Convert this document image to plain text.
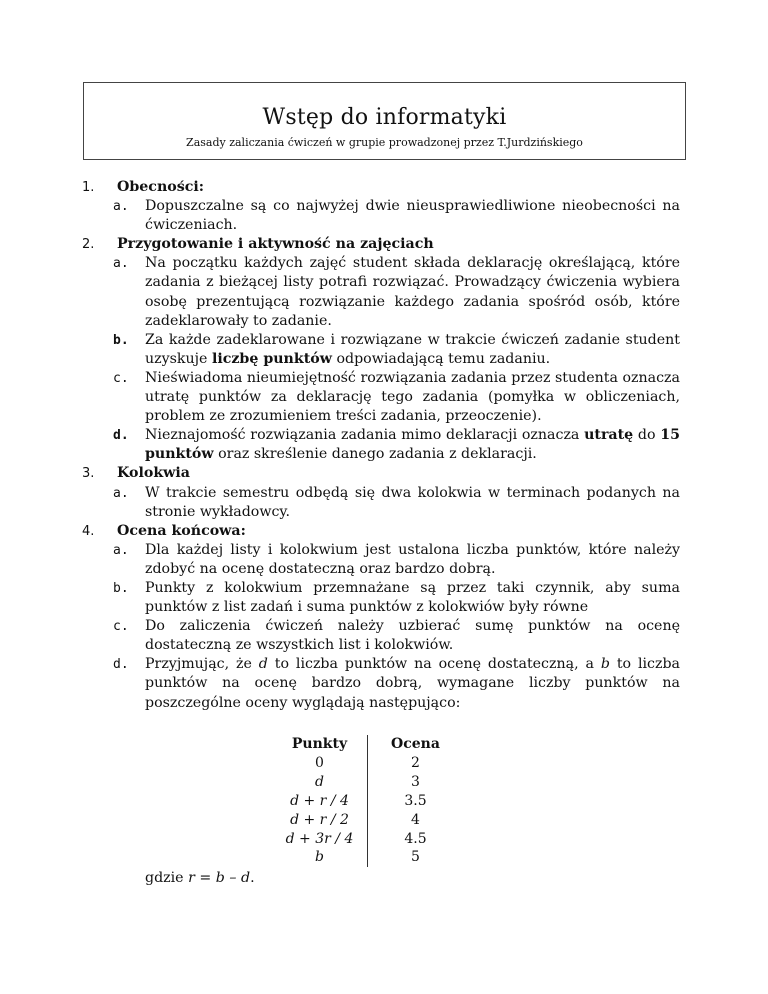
Wstęp do informatyki
Zasady zaliczania ćwiczeń w grupie prowadzonej przez T.Jurdzińskiego
1.	Obecności:
a.	Dopuszczalne są co najwyżej dwie nieusprawiedliwione nieobecności na ćwiczeniach.
2.	Przygotowanie i aktywność na zajęciach
a.	Na początku każdych zajęć student składa deklarację określającą, które zadania z bieżącej listy potrafi rozwiązać. Prowadzący ćwiczenia wybiera osobę prezentującą rozwiązanie każdego zadania spośród osób, które zadeklarowały to zadanie.
b.	Za każde zadeklarowane i rozwiązane w trakcie ćwiczeń zadanie student uzyskuje liczbę punktów odpowiadającą temu zadaniu.
c.	Nieświadoma nieumiejętność rozwiązania zadania przez studenta oznacza utratę punktów za deklarację tego zadania (pomyłka w obliczeniach, problem ze zrozumieniem treści zadania, przeoczenie).
d.	Nieznajomość rozwiązania zadania mimo deklaracji oznacza utratę do 15 punktów oraz skreślenie danego zadania z deklaracji.
3.	Kolokwia
a.	W trakcie semestru odbędą się dwa kolokwia w terminach podanych na stronie wykładowcy.
4.	Ocena końcowa:
a.	Dla każdej listy i kolokwium jest ustalona liczba punktów, które należy zdobyć na ocenę dostateczną oraz bardzo dobrą.
b.	Punkty z kolokwium przemnażane są przez taki czynnik, aby suma punktów z list zadań i suma punktów z kolokwiów były równe
c.	Do zaliczenia ćwiczeń należy uzbierać sumę punktów na ocenę dostateczną ze wszystkich list i kolokwiów.
d.	Przyjmując, że d to liczba punktów na ocenę dostateczną, a b to liczba punktów na ocenę bardzo dobrą, wymagane liczby punktów na poszczególne oceny wyglądają następująco:
Punkty	Ocena
0	2
d	3
d + r / 4	3.5
d + r / 2	4
d + 3r / 4	4.5
b	5
gdzie r = b – d.
